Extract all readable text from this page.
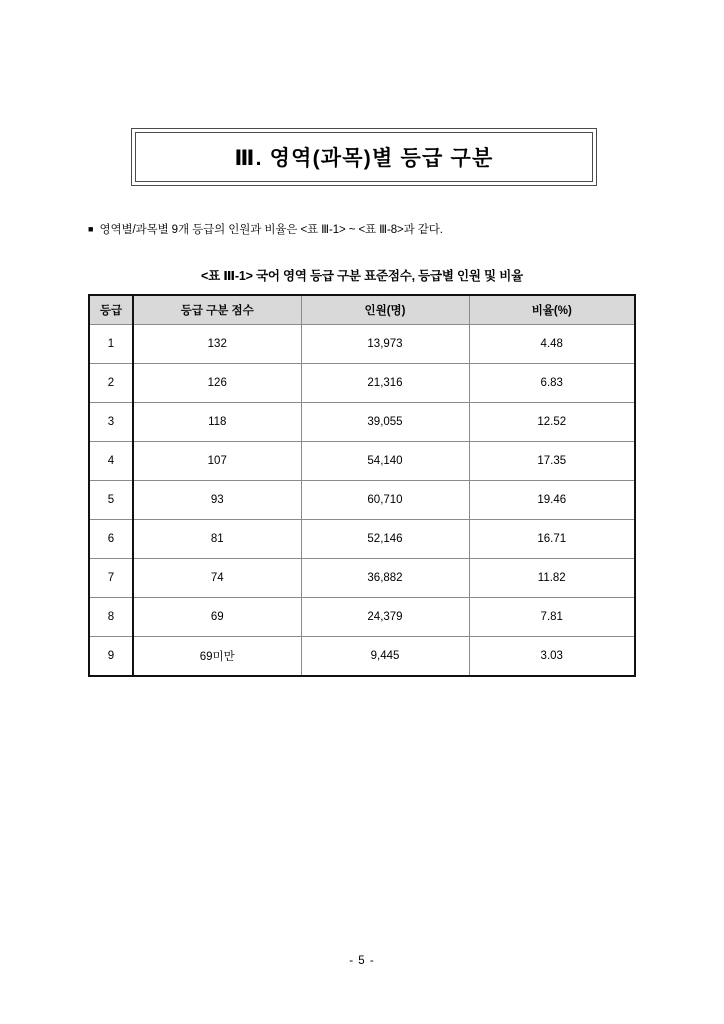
Ⅲ. 영역(과목)별 등급 구분
■ 영역별/과목별 9개 등급의 인원과 비율은 <표 Ⅲ-1> ~ <표 Ⅲ-8>과 같다.
<표 Ⅲ-1> 국어 영역 등급 구분 표준점수, 등급별 인원 및 비율
등급	등급 구분 점수	인원(명)	비율(%)
1	132	13,973	4.48
2	126	21,316	6.83
3	118	39,055	12.52
4	107	54,140	17.35
5	93	60,710	19.46
6	81	52,146	16.71
7	74	36,882	11.82
8	69	24,379	7.81
9	69미만	9,445	3.03
- 5 -
